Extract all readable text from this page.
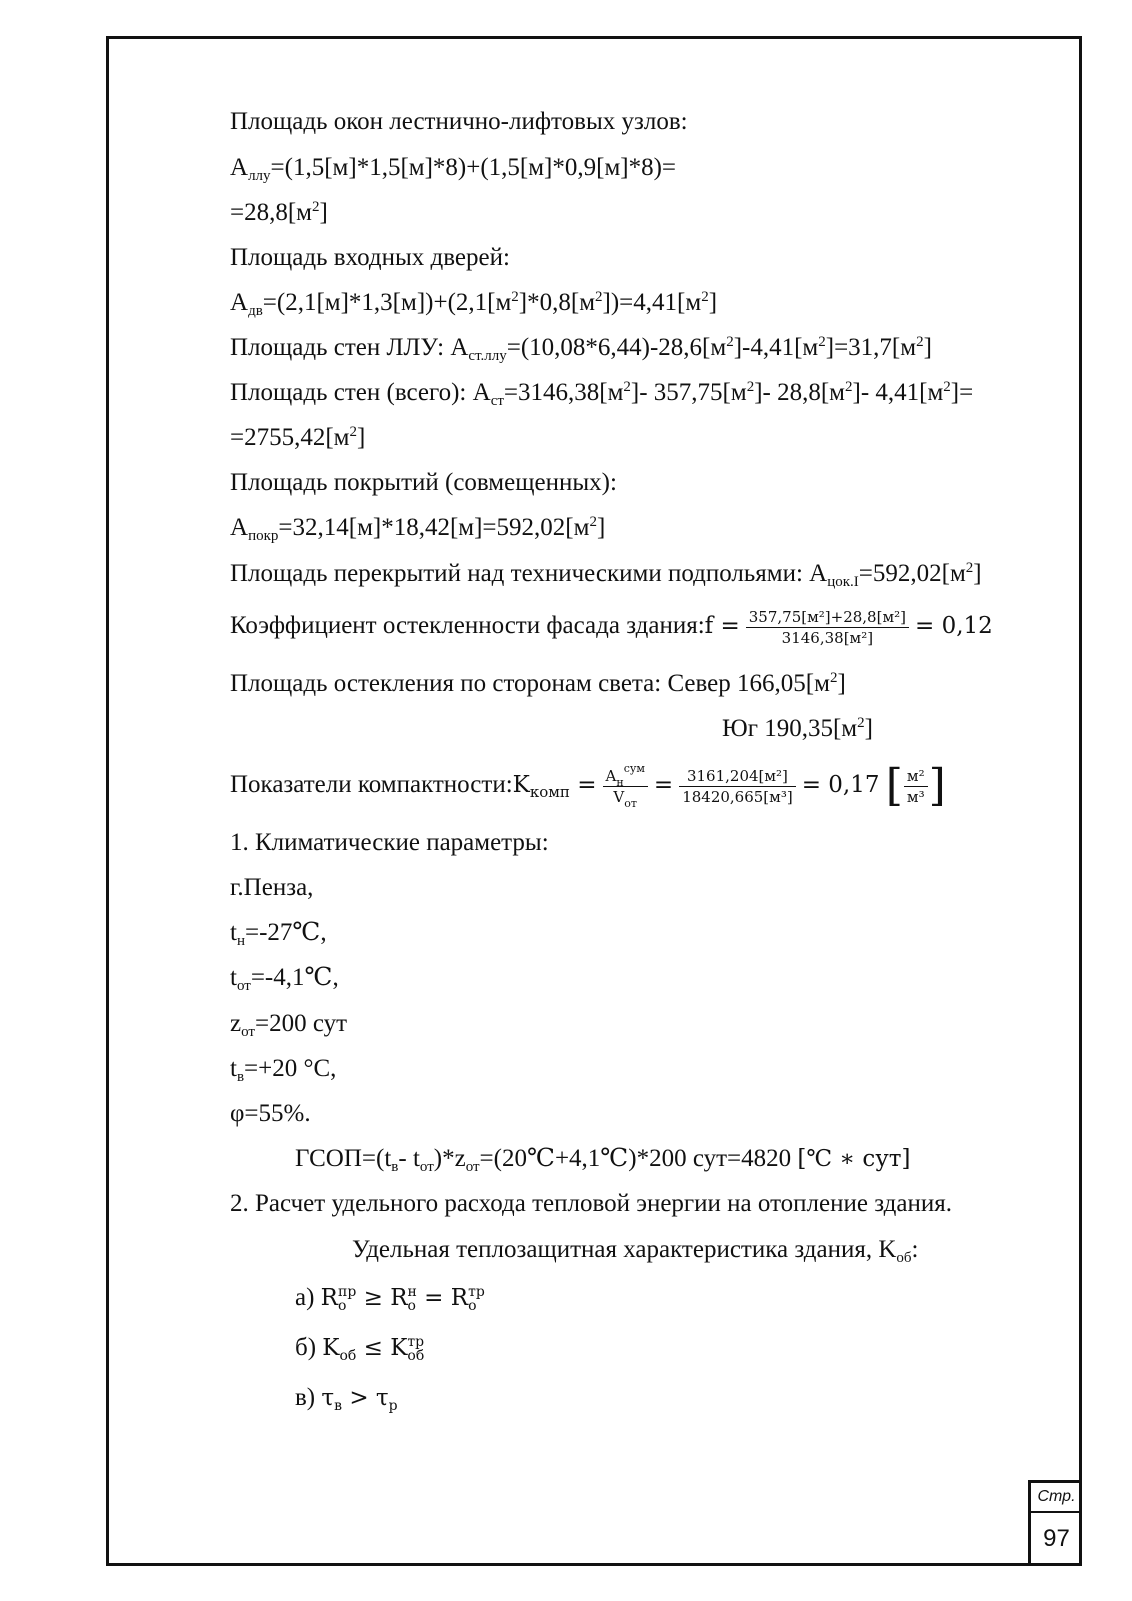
Площадь окон лестнично-лифтовых узлов:
$A_{ллу}=(1,5[м]*1,5[м]*8)+(1,5[м]*0,9[м]*8)=$
$=28,8[м^2]$
Площадь входных дверей:
$A_{дв}=(2,1[м]*1,3[м])+(2,1[м^2]*0,8[м^2])=4,41[м^2]$
Площадь стен ЛЛУ: $A_{ст.ллу}=(10,08*6,44)-28,6[м^2]-4,41[м^2]=31,7[м^2]$
Площадь стен (всего): $A_{ст}=3146,38[м^2]-$ $357,75[м^2]-$ $28,8[м^2]-$ $4,41[м^2]=$
$=2755,42[м^2]$
Площадь покрытий (совмещенных):
$A_{покр}=32,14[м]*18,42[м]=592,02[м^2]$
Площадь перекрытий над техническими подпольями: $A_{цок.I}=592,02[м^2]$
Коэффициент остекленности фасада здания:f = $\frac{\text{357,75[м²]+28,8[м²]}}{\text{3146,38[м²]}} = 0,12$
Площадь остекления по сторонам света: Север $166,05[м^2]$
Юг $190,35[м^2]$
Показатели $компактности:K_{комп} = \frac{A_н^{сум}}{V_{от}} = \frac{\text{3161,204[м²]}}{\text{18420,665[м³]}} = 0,17$ [ $\frac{\text{м²}}{\text{м³}}$ ]
1. Климатические параметры:
г.Пенза,
$t_н=-27℃$,
$t_{от}=-4,1℃$,
$z_{от}=200$ сут
$t_в=+20$ °C,
φ=55%.
$ГСОП=(t_в-$ $t_{от})*z_{от}=(20℃+4,1℃)*200$ сут=4820 [℃ ∗ сут]
2. Расчет удельного расхода тепловой энергии на отопление здания.
Удельная теплозащитная характеристика здания, $K_{об}$:
а) R пр
о ≥ R н
о = R тр
о
б) $K_{об} \le K$ тр
об
в) $\tau_в > \tau_р$
Стр.
97
